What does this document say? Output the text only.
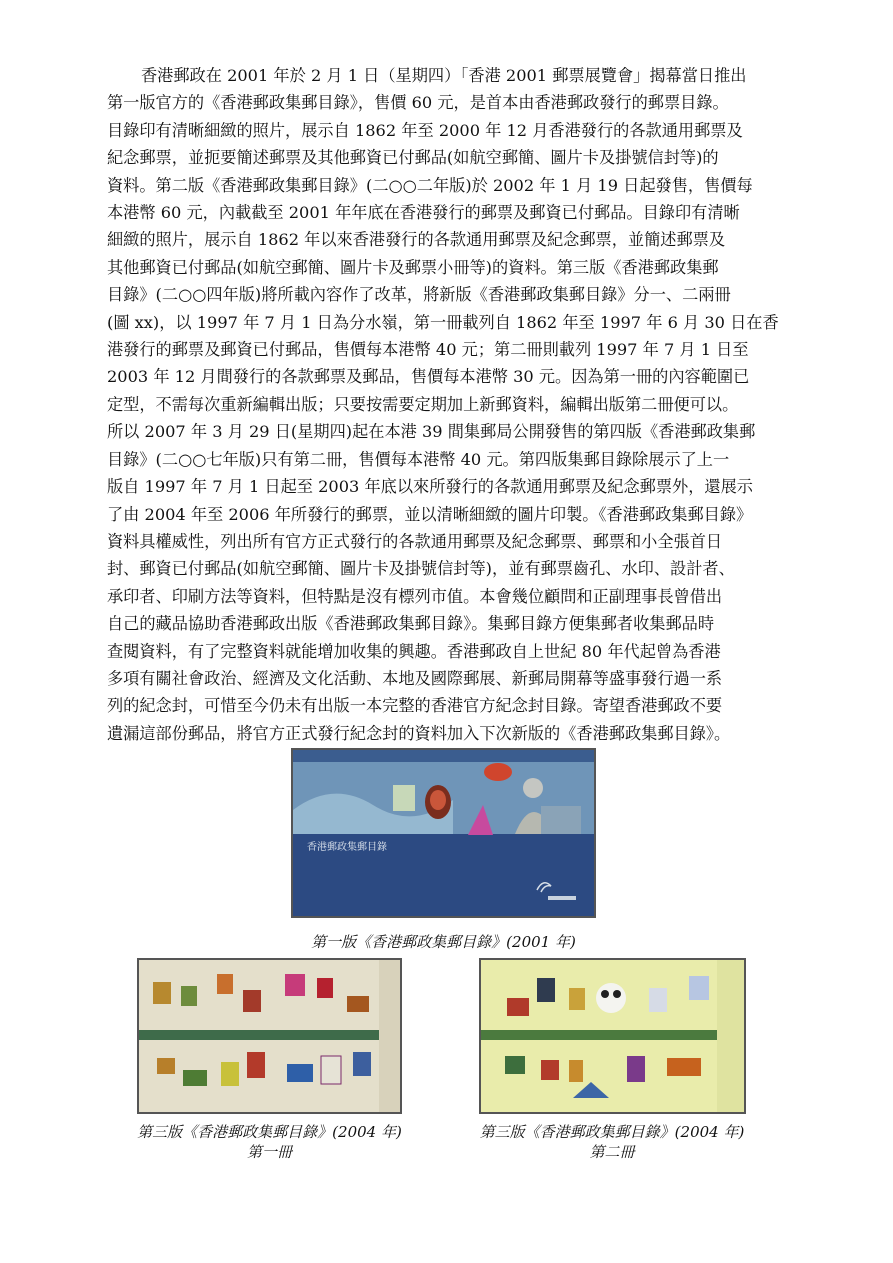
香港郵政在 2001 年於 2 月 1 日（星期四）「香港 2001 郵票展覽會」揭幕當日推出
第一版官方的《香港郵政集郵目錄》，售價 60 元，是首本由香港郵政發行的郵票目錄。
目錄印有清晰細緻的照片，展示自 1862 年至 2000 年 12 月香港發行的各款通用郵票及
紀念郵票，並扼要簡述郵票及其他郵資已付郵品(如航空郵簡、圖片卡及掛號信封等)的
資料。第二版《香港郵政集郵目錄》(二○○二年版)於 2002 年 1 月 19 日起發售，售價每
本港幣 60 元，內載截至 2001 年年底在香港發行的郵票及郵資已付郵品。目錄印有清晰
細緻的照片，展示自 1862 年以來香港發行的各款通用郵票及紀念郵票，並簡述郵票及
其他郵資已付郵品(如航空郵簡、圖片卡及郵票小冊等)的資料。第三版《香港郵政集郵
目錄》(二○○四年版)將所載內容作了改革，將新版《香港郵政集郵目錄》分一、二兩冊
(圖 xx)，以 1997 年 7 月 1 日為分水嶺，第一冊載列自 1862 年至 1997 年 6 月 30 日在香
港發行的郵票及郵資已付郵品，售價每本港幣 40 元；第二冊則載列 1997 年 7 月 1 日至
2003 年 12 月間發行的各款郵票及郵品，售價每本港幣 30 元。因為第一冊的內容範圍已
定型，不需每次重新編輯出版；只要按需要定期加上新郵資料，編輯出版第二冊便可以。
所以 2007 年 3 月 29 日(星期四)起在本港 39 間集郵局公開發售的第四版《香港郵政集郵
目錄》(二○○七年版)只有第二冊，售價每本港幣 40 元。第四版集郵目錄除展示了上一
版自 1997 年 7 月 1 日起至 2003 年底以來所發行的各款通用郵票及紀念郵票外，還展示
了由 2004 年至 2006 年所發行的郵票，並以清晰細緻的圖片印製。《香港郵政集郵目錄》
資料具權威性，列出所有官方正式發行的各款通用郵票及紀念郵票、郵票和小全張首日
封、郵資已付郵品(如航空郵簡、圖片卡及掛號信封等)，並有郵票齒孔、水印、設計者、
承印者、印刷方法等資料，但特點是沒有標列市值。本會幾位顧問和正副理事長曾借出
自己的藏品協助香港郵政出版《香港郵政集郵目錄》。集郵目錄方便集郵者收集郵品時
查閱資料，有了完整資料就能增加收集的興趣。香港郵政自上世紀 80 年代起曾為香港
多項有關社會政治、經濟及文化活動、本地及國際郵展、新郵局開幕等盛事發行過一系
列的紀念封，可惜至今仍未有出版一本完整的香港官方紀念封目錄。寄望香港郵政不要
遺漏這部份郵品，將官方正式發行紀念封的資料加入下次新版的《香港郵政集郵目錄》。
香港郵政集郵目錄
第一版《香港郵政集郵目錄》(2001 年)
第三版《香港郵政集郵目錄》(2004 年)
第一冊
第三版《香港郵政集郵目錄》(2004 年)
第二冊
